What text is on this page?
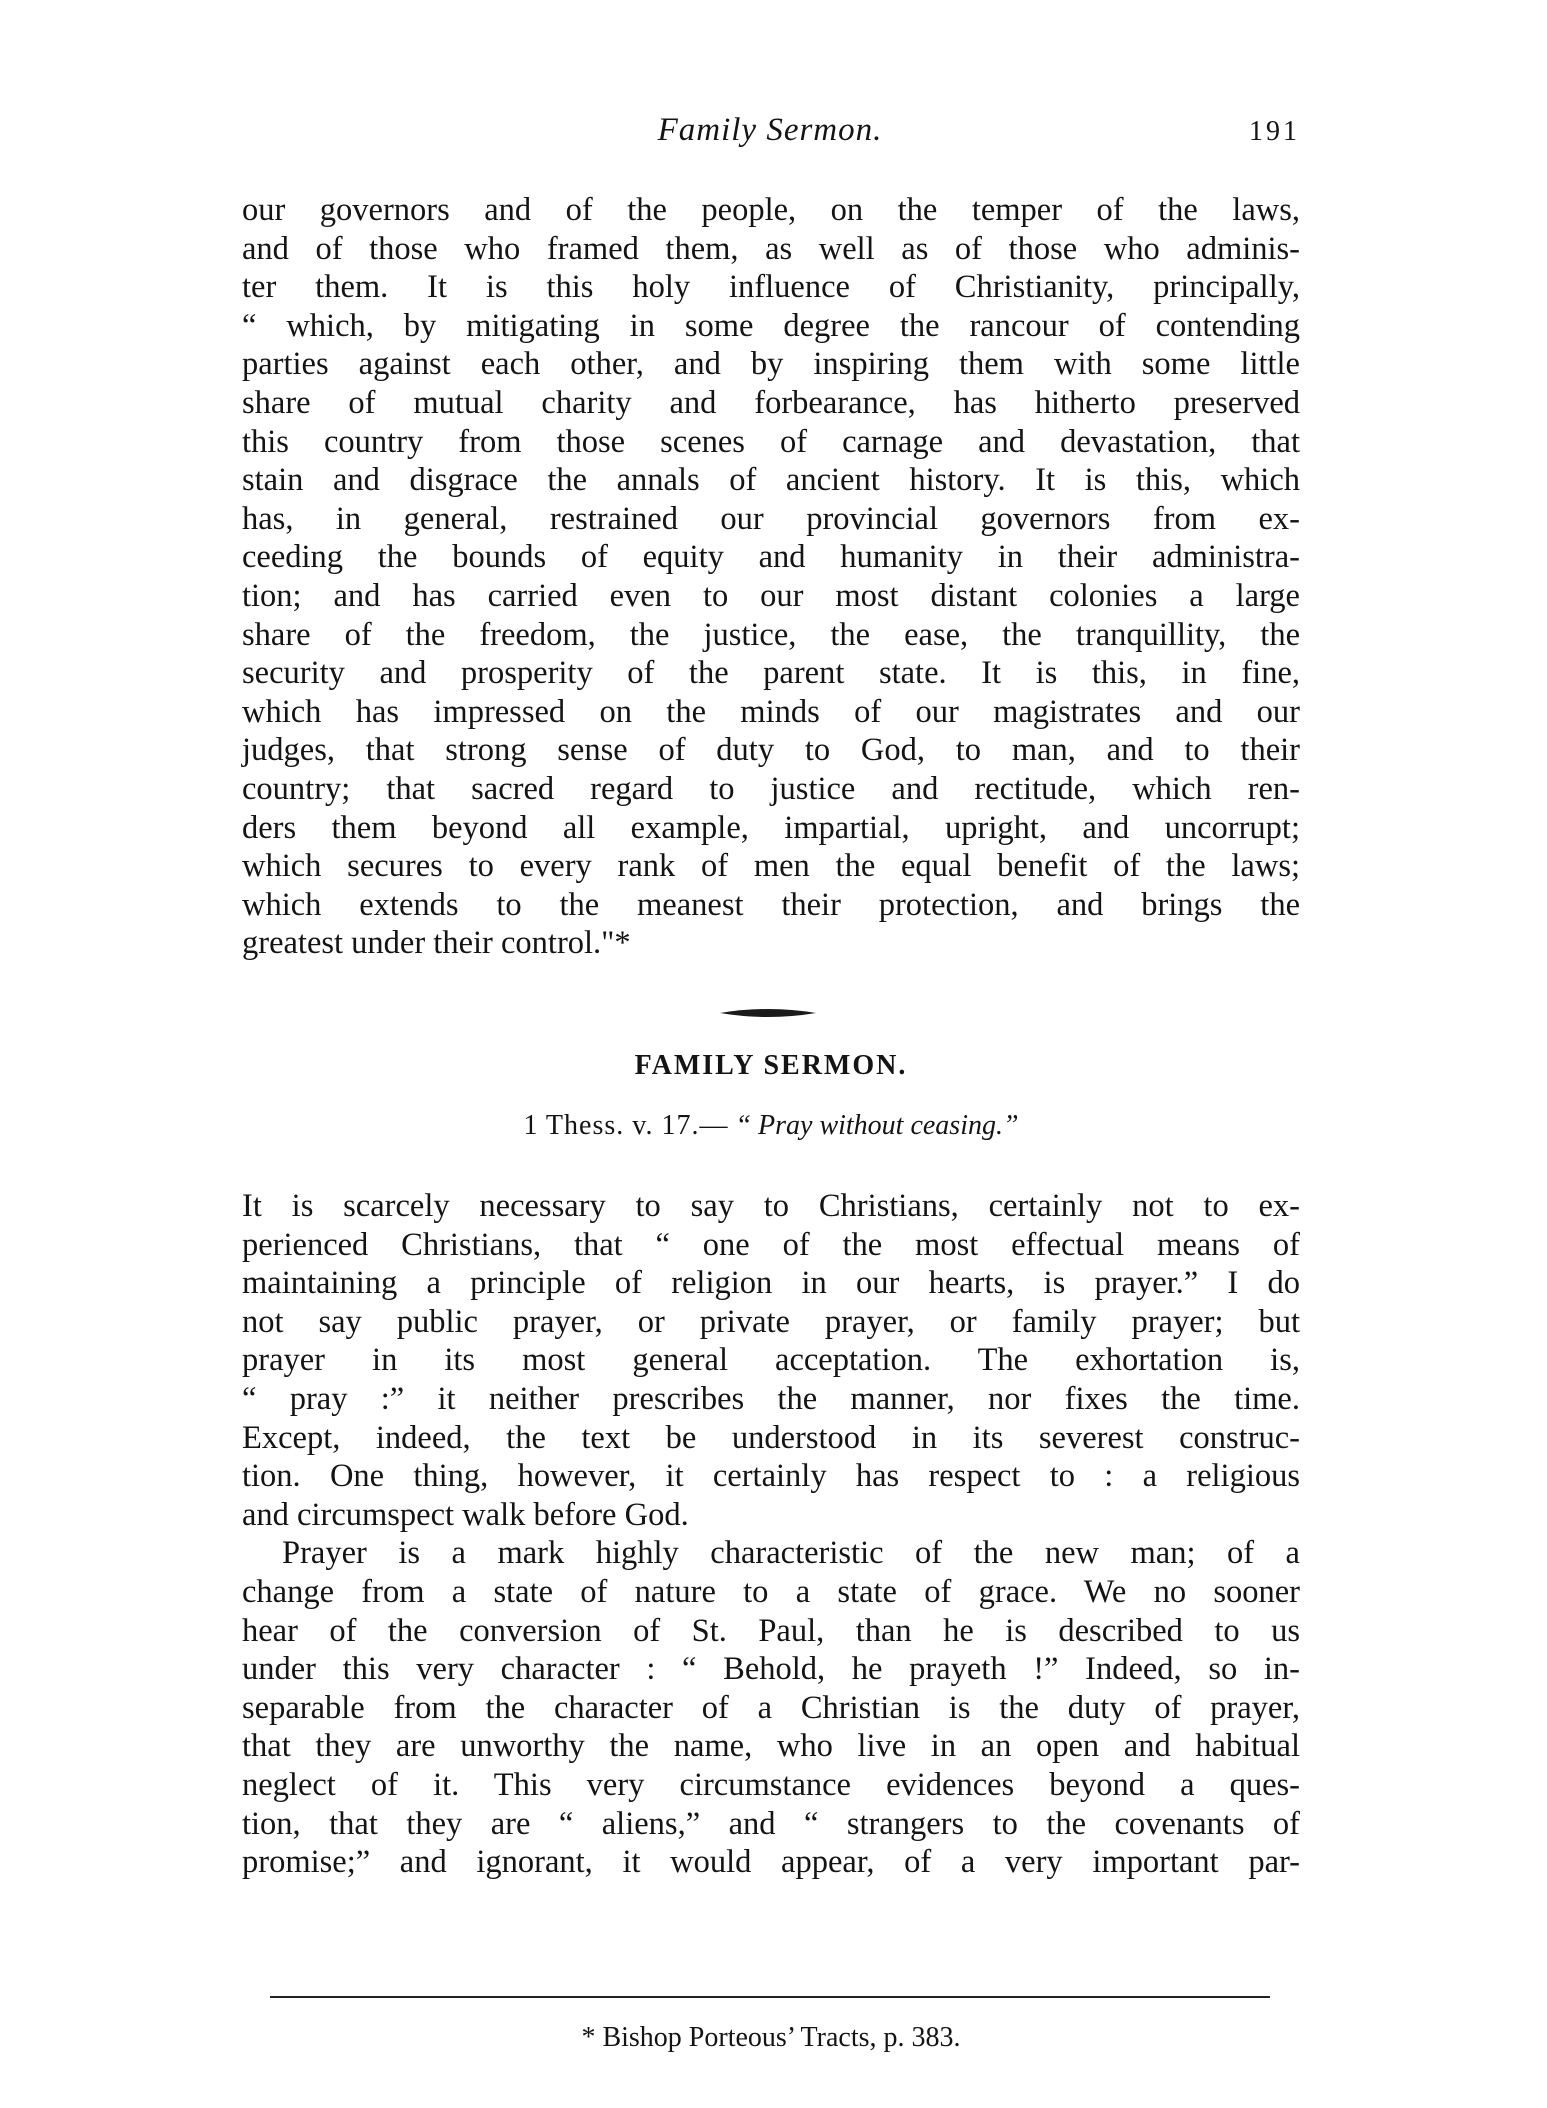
Family Sermon.	191
our governors and of the people, on the temper of the laws,
and of those who framed them, as well as of those who adminis-
ter them. It is this holy influence of Christianity, principally,
“ which, by mitigating in some degree the rancour of contending
parties against each other, and by inspiring them with some little
share of mutual charity and forbearance, has hitherto preserved
this country from those scenes of carnage and devastation, that
stain and disgrace the annals of ancient history. It is this, which
has, in general, restrained our provincial governors from ex-
ceeding the bounds of equity and humanity in their administra-
tion; and has carried even to our most distant colonies a large
share of the freedom, the justice, the ease, the tranquillity, the
security and prosperity of the parent state. It is this, in fine,
which has impressed on the minds of our magistrates and our
judges, that strong sense of duty to God, to man, and to their
country; that sacred regard to justice and rectitude, which ren-
ders them beyond all example, impartial, upright, and uncorrupt;
which secures to every rank of men the equal benefit of the laws;
which extends to the meanest their protection, and brings the
greatest under their control."*
FAMILY SERMON.
1 Thess. v. 17.— “ Pray without ceasing.”
It is scarcely necessary to say to Christians, certainly not to ex-
perienced Christians, that “ one of the most effectual means of
maintaining a principle of religion in our hearts, is prayer.” I do
not say public prayer, or private prayer, or family prayer; but
prayer in its most general acceptation. The exhortation is,
“ pray :” it neither prescribes the manner, nor fixes the time.
Except, indeed, the text be understood in its severest construc-
tion. One thing, however, it certainly has respect to : a religious
and circumspect walk before God.
Prayer is a mark highly characteristic of the new man; of a
change from a state of nature to a state of grace. We no sooner
hear of the conversion of St. Paul, than he is described to us
under this very character : “ Behold, he prayeth !” Indeed, so in-
separable from the character of a Christian is the duty of prayer,
that they are unworthy the name, who live in an open and habitual
neglect of it. This very circumstance evidences beyond a ques-
tion, that they are “ aliens,” and “ strangers to the covenants of
promise;” and ignorant, it would appear, of a very important par-
* Bishop Porteous’ Tracts, p. 383.
